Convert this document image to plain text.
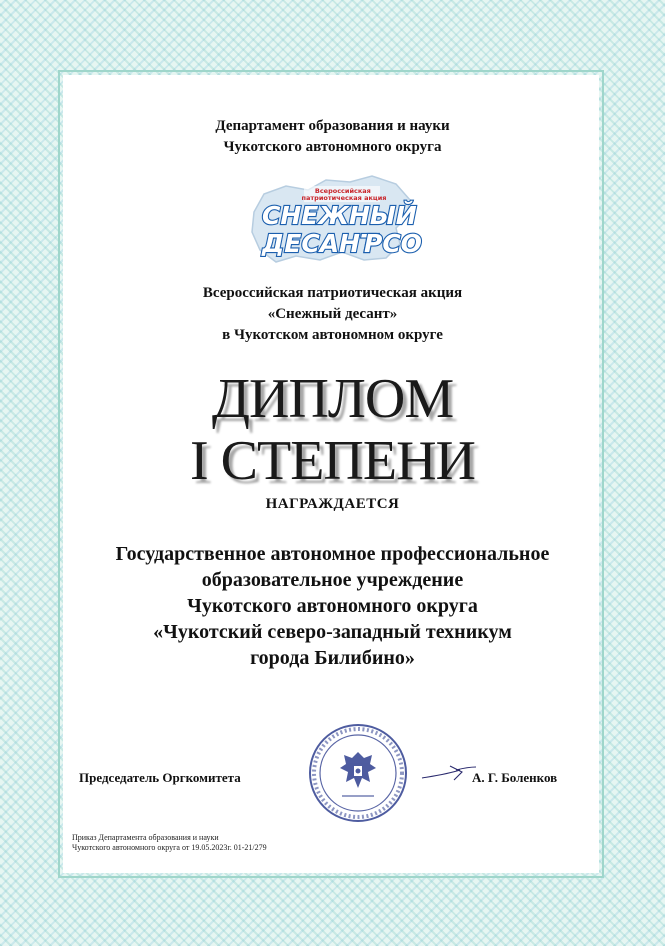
Департамент образования и науки
Чукотского автономного округа
Всероссийская патриотическая акция
СНЕЖНЫЙ
ДЕСАНТ
РСО
Всероссийская патриотическая акция
«Снежный десант»
в Чукотском автономном округе
ДИПЛОМ
I СТЕПЕНИ
НАГРАЖДАЕТСЯ
Государственное автономное профессиональное
образовательное учреждение
Чукотского автономного округа
«Чукотский северо-западный техникум
города Билибино»
Председатель Оргкомитета	А. Г. Боленков
Приказ Департамента образования и науки
Чукотского автономного округа от 19.05.2023г. 01-21/279
